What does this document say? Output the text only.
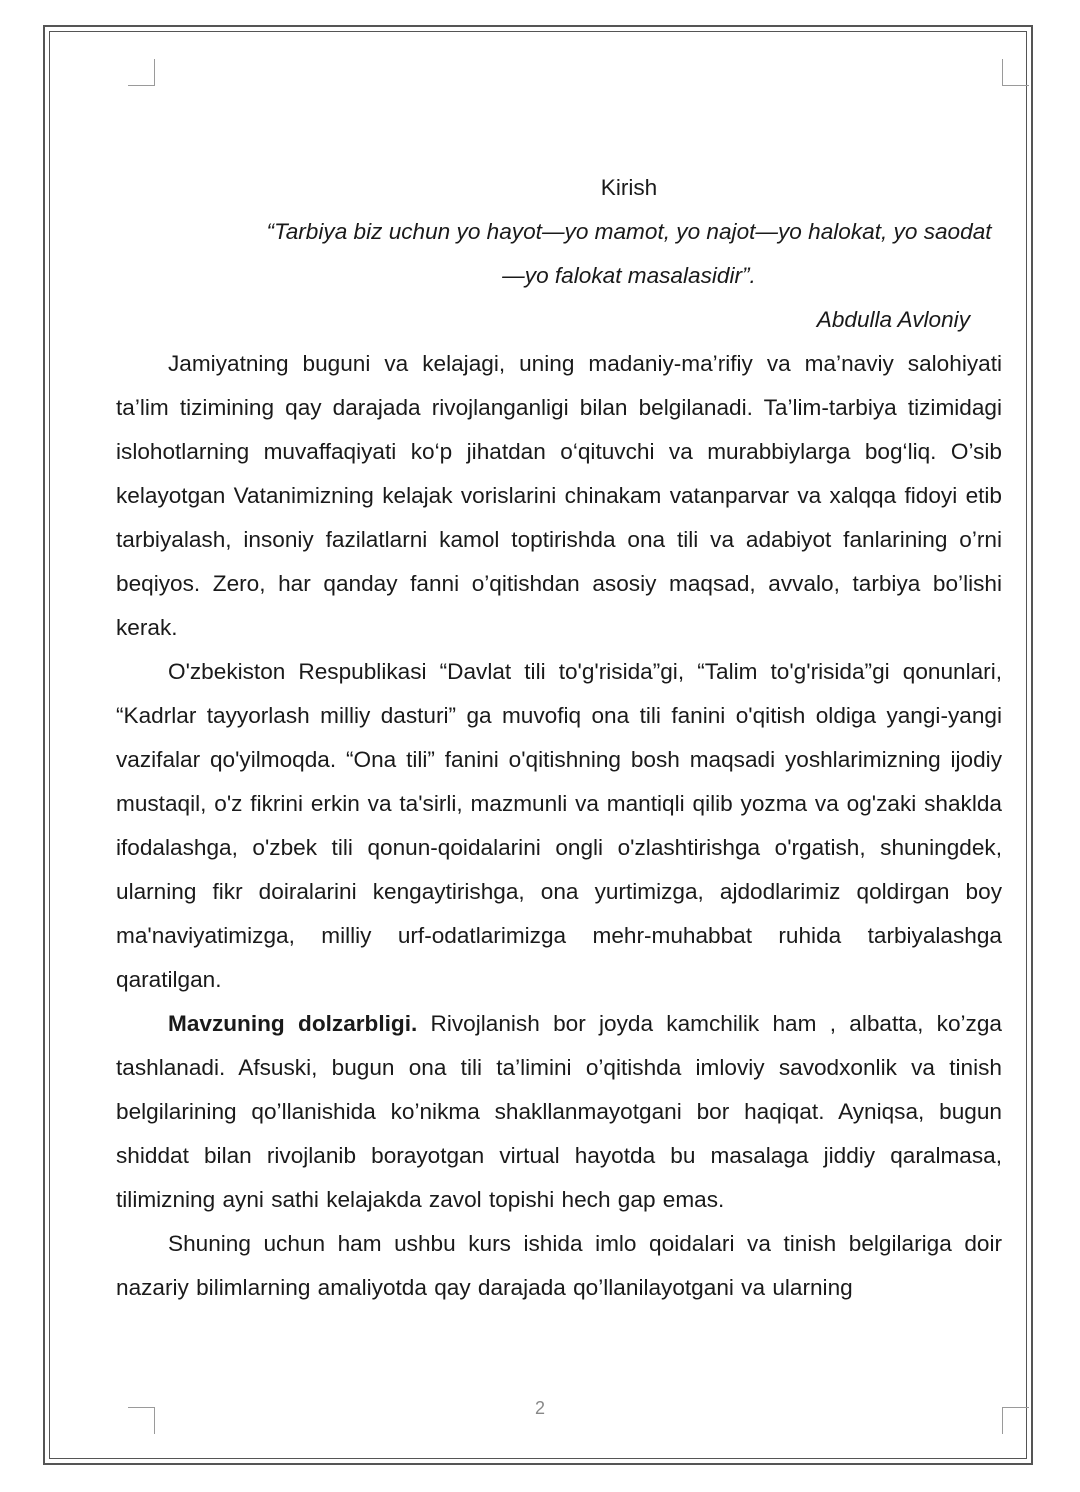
Kirish

“Tarbiya biz uchun yo hayot—yo mamot, yo najot—yo halokat, yo saodat—yo falokat masalasidir”.

Abdulla Avloniy

Jamiyatning buguni va kelajagi, uning madaniy-ma’rifiy va ma’naviy salohiyati ta’lim tizimining qay darajada rivojlanganligi bilan belgilanadi. Ta’lim-tarbiya tizimidagi islohotlarning muvaffaqiyati ko‘p jihatdan o‘qituvchi va murabbiylarga bog‘liq. O’sib kelayotgan Vatanimizning kelajak vorislarini chinakam vatanparvar va xalqqa fidoyi etib tarbiyalash, insoniy fazilatlarni kamol toptirishda ona tili va adabiyot fanlarining o’rni beqiyos. Zero, har qanday fanni o’qitishdan asosiy maqsad, avvalo, tarbiya bo’lishi kerak.

O'zbekiston Respublikasi “Davlat tili to'g'risida”gi, “Talim to'g'risida”gi qonunlari, “Kadrlar tayyorlash milliy dasturi” ga muvofiq ona tili fanini o'qitish oldiga yangi-yangi vazifalar qo'yilmoqda. “Ona tili” fanini o'qitishning bosh maqsadi yoshlarimizning ijodiy mustaqil, o'z fikrini erkin va ta'sirli, mazmunli va mantiqli qilib yozma va og'zaki shakldа ifodalashga, o'zbek tili qonun-qoidalarini ongli o'zlashtirishga o'rgatish, shuningdek, ularning fikr doiralarini kengaytirishga, ona yurtimizga, ajdodlarimiz qoldirgan boy ma'naviyatimizga, milliy urf-odatlarimizga mehr-muhabbat ruhida tarbiyalashga qaratilgan.

Mavzuning dolzarbligi. Rivojlanish bor joyda kamchilik ham , albatta, ko’zga tashlanadi. Afsuski, bugun ona tili ta’limini o’qitishda imloviy savodxonlik va tinish belgilarining qo’llanishida ko’nikma shakllanmayotgani bor haqiqat. Ayniqsa, bugun shiddat bilan rivojlanib borayotgan virtual hayotda bu masalaga jiddiy qaralmasa, tilimizning ayni sathi kelajakda zavol topishi hech gap emas.

Shuning uchun ham ushbu kurs ishida imlo qoidalari va tinish belgilariga doir nazariy bilimlarning amaliyotda qay darajada qo’llanilayotgani va ularning

2
